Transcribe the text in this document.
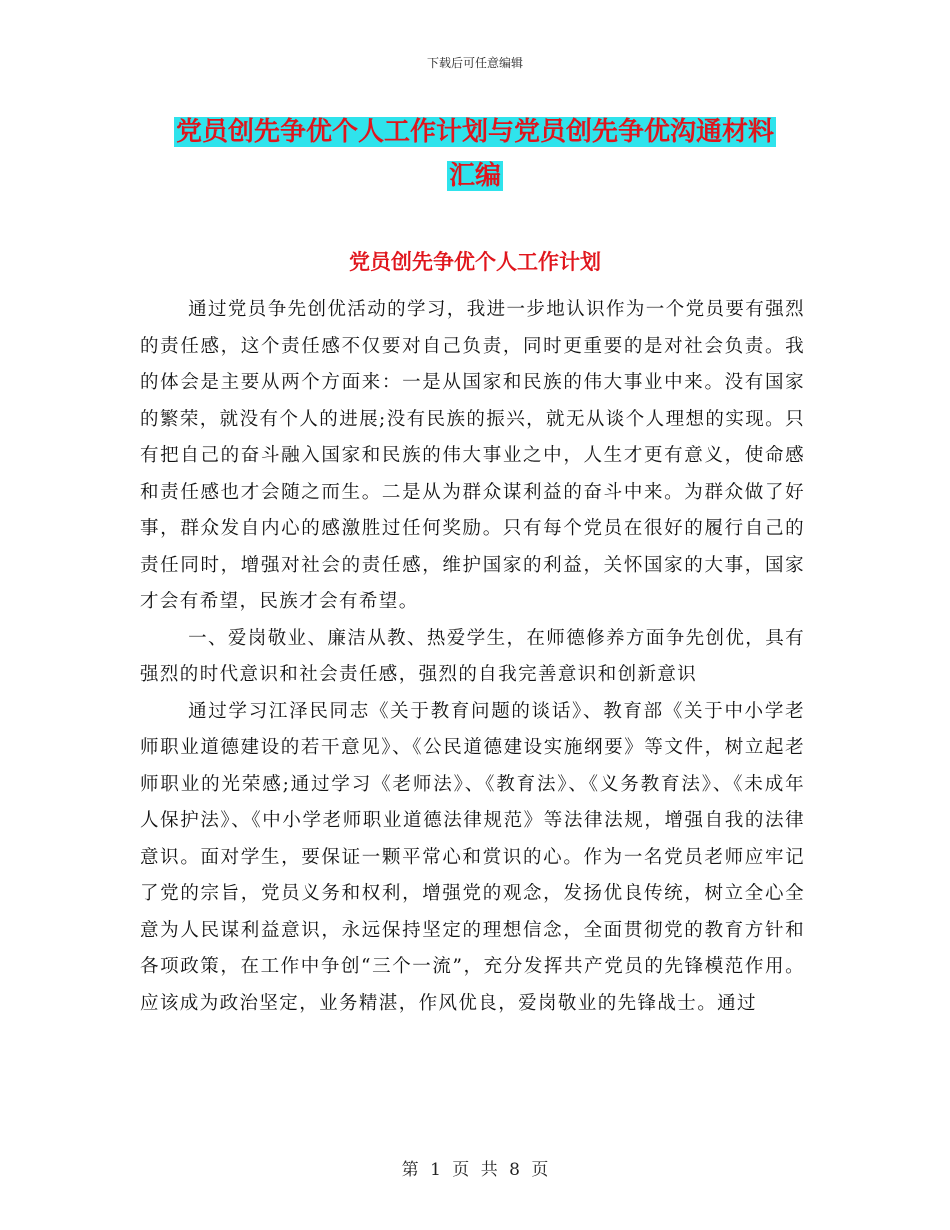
下载后可任意编辑
党员创先争优个人工作计划与党员创先争优沟通材料
汇编
党员创先争优个人工作计划

通过党员争先创优活动的学习，我进一步地认识作为一个党员要有强烈的责任感，这个责任感不仅要对自己负责，同时更重要的是对社会负责。我的体会是主要从两个方面来：一是从国家和民族的伟大事业中来。没有国家的繁荣，就没有个人的进展;没有民族的振兴，就无从谈个人理想的实现。只有把自己的奋斗融入国家和民族的伟大事业之中，人生才更有意义，使命感和责任感也才会随之而生。二是从为群众谋利益的奋斗中来。为群众做了好事，群众发自内心的感激胜过任何奖励。只有每个党员在很好的履行自己的责任同时，增强对社会的责任感，维护国家的利益，关怀国家的大事，国家才会有希望，民族才会有希望。

一、爱岗敬业、廉洁从教、热爱学生，在师德修养方面争先创优，具有强烈的时代意识和社会责任感，强烈的自我完善意识和创新意识

通过学习江泽民同志《关于教育问题的谈话》、教育部《关于中小学老师职业道德建设的若干意见》、《公民道德建设实施纲要》等文件，树立起老师职业的光荣感;通过学习《老师法》、《教育法》、《义务教育法》、《未成年人保护法》、《中小学老师职业道德法律规范》等法律法规，增强自我的法律意识。面对学生，要保证一颗平常心和赏识的心。作为一名党员老师应牢记了党的宗旨，党员义务和权利，增强党的观念，发扬优良传统，树立全心全意为人民谋利益意识，永远保持坚定的理想信念，全面贯彻党的教育方针和各项政策，在工作中争创“三个一流”，充分发挥共产党员的先锋模范作用。应该成为政治坚定，业务精湛，作风优良，爱岗敬业的先锋战士。通过

第 1 页 共 8 页
